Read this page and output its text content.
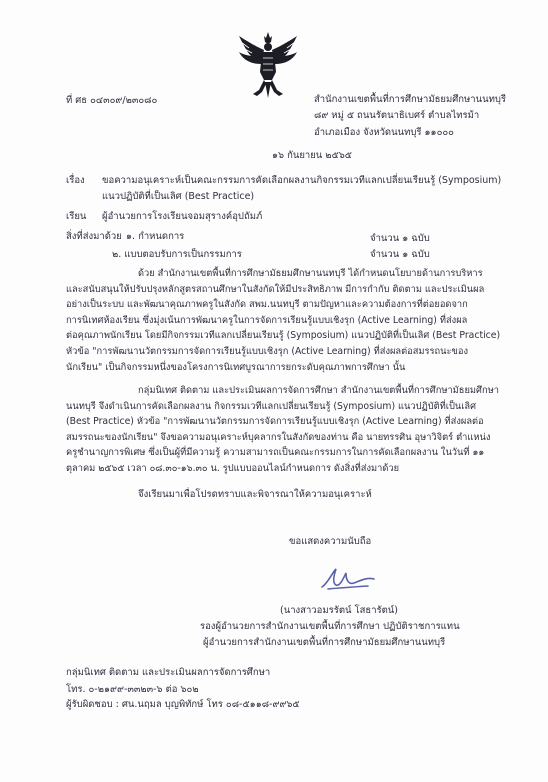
ที่ ศธ ๐๔๓๐๙/๒๓๐๘๐	สำนักงานเขตพื้นที่การศึกษามัธยมศึกษานนทบุรี
๘๙ หมู่ ๕ ถนนรัตนาธิเบศร์ ตำบลไทรม้า
อำเภอเมือง จังหวัดนนทบุรี ๑๑๐๐๐
๑๖ กันยายน ๒๕๖๕
เรื่อง ขอความอนุเคราะห์เป็นคณะกรรมการคัดเลือกผลงานกิจกรรมเวทีแลกเปลี่ยนเรียนรู้ (Symposium)
แนวปฏิบัติที่เป็นเลิศ (Best Practice)
เรียน ผู้อำนวยการโรงเรียนจอมสุรางค์อุปถัมภ์
สิ่งที่ส่งมาด้วย ๑. กำหนดการ	จำนวน ๑ ฉบับ
๒. แบบตอบรับการเป็นกรรมการ	จำนวน ๑ ฉบับ
ด้วย สำนักงานเขตพื้นที่การศึกษามัธยมศึกษานนทบุรี ได้กำหนดนโยบายด้านการบริหาร
และสนับสนุนให้ปรับปรุงหลักสูตรสถานศึกษาในสังกัดให้มีประสิทธิภาพ มีการกำกับ ติดตาม และประเมินผล
อย่างเป็นระบบ และพัฒนาคุณภาพครูในสังกัด สพม.นนทบุรี ตามปัญหาและความต้องการที่ต่อยอดจาก
การนิเทศห้องเรียน ซึ่งมุ่งเน้นการพัฒนาครูในการจัดการเรียนรู้แบบเชิงรุก (Active Learning) ที่ส่งผล
ต่อคุณภาพนักเรียน โดยมีกิจกรรมเวทีแลกเปลี่ยนเรียนรู้ (Symposium) แนวปฏิบัติที่เป็นเลิศ (Best Practice)
หัวข้อ "การพัฒนานวัตกรรมการจัดการเรียนรู้แบบเชิงรุก (Active Learning) ที่ส่งผลต่อสมรรถนะของ
นักเรียน" เป็นกิจกรรมหนึ่งของโครงการนิเทศบูรณาการยกระดับคุณภาพการศึกษา นั้น
กลุ่มนิเทศ ติดตาม และประเมินผลการจัดการศึกษา สำนักงานเขตพื้นที่การศึกษามัธยมศึกษา
นนทบุรี จึงดำเนินการคัดเลือกผลงาน กิจกรรมเวทีแลกเปลี่ยนเรียนรู้ (Symposium) แนวปฏิบัติที่เป็นเลิศ
(Best Practice) หัวข้อ "การพัฒนานวัตกรรมการจัดการเรียนรู้แบบเชิงรุก (Active Learning) ที่ส่งผลต่อ
สมรรถนะของนักเรียน" จึงขอความอนุเคราะห์บุคลากรในสังกัดของท่าน คือ นายทรรศิน อุษาวิจิตร์ ตำแหน่ง
ครูชำนาญการพิเศษ ซึ่งเป็นผู้ที่มีความรู้ ความสามารถเป็นคณะกรรมการในการคัดเลือกผลงาน ในวันที่ ๑๑
ตุลาคม ๒๕๖๕ เวลา ๐๘.๓๐-๑๖.๓๐ น. รูปแบบออนไลน์กำหนดการ ดังสิ่งที่ส่งมาด้วย
จึงเรียนมาเพื่อโปรดทราบและพิจารณาให้ความอนุเคราะห์
ขอแสดงความนับถือ
(นางสาวอมรรัตน์ โสธารัตน์)
รองผู้อำนวยการสำนักงานเขตพื้นที่การศึกษา ปฏิบัติราชการแทน
ผู้อำนวยการสำนักงานเขตพื้นที่การศึกษามัธยมศึกษานนทบุรี
กลุ่มนิเทศ ติดตาม และประเมินผลการจัดการศึกษา
โทร. ๐-๒๑๙๙-๓๓๒๓-๖ ต่อ ๖๐๒
ผู้รับผิดชอบ : ศน.นฤมล บุญพิทักษ์ โทร ๐๘-๕๑๑๘-๙๙๖๕
